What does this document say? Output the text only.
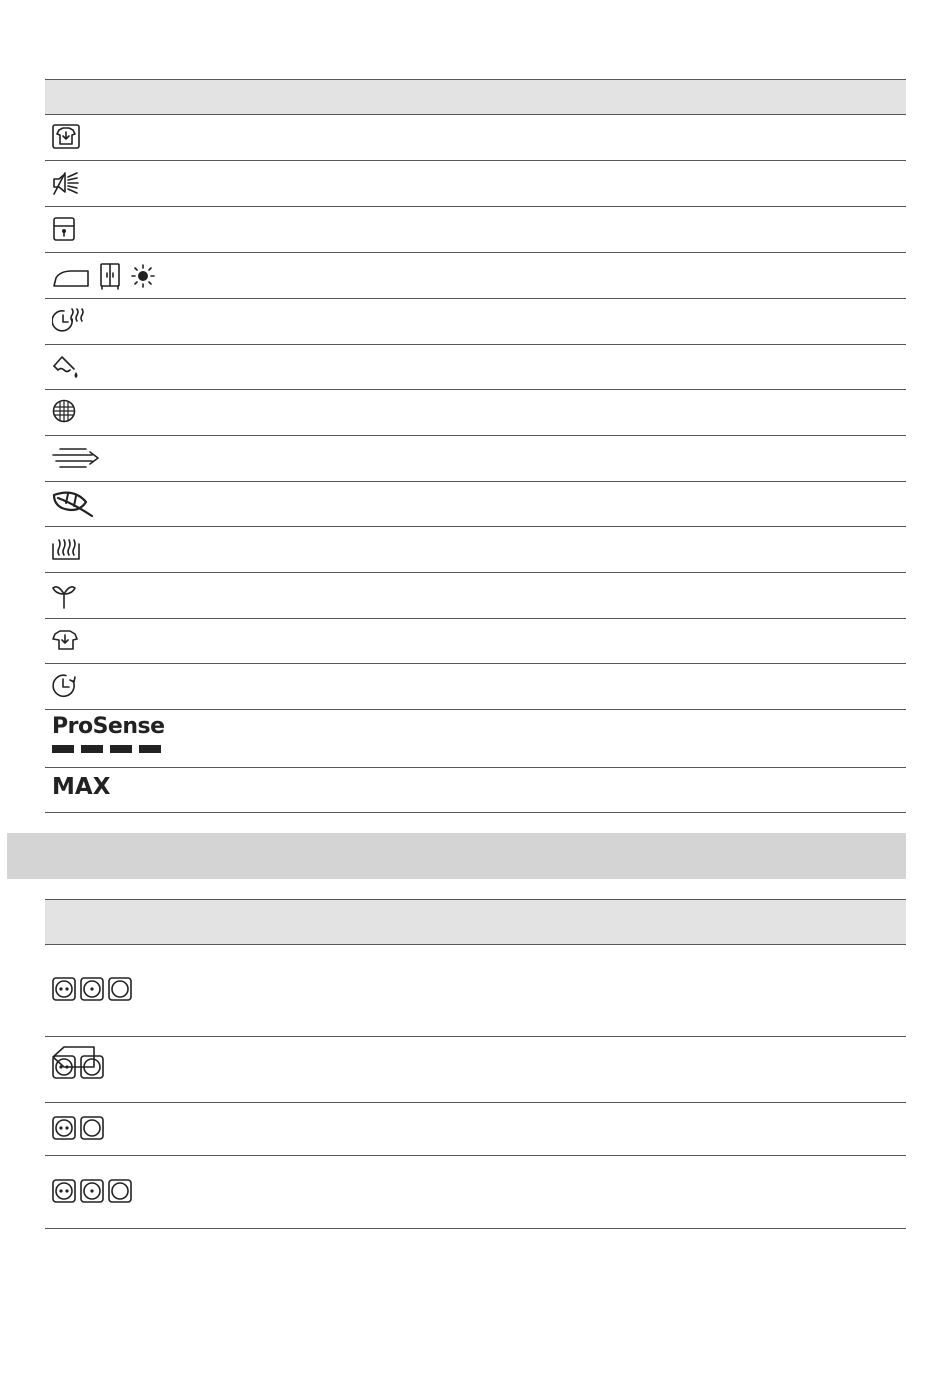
ProSense
MAX
